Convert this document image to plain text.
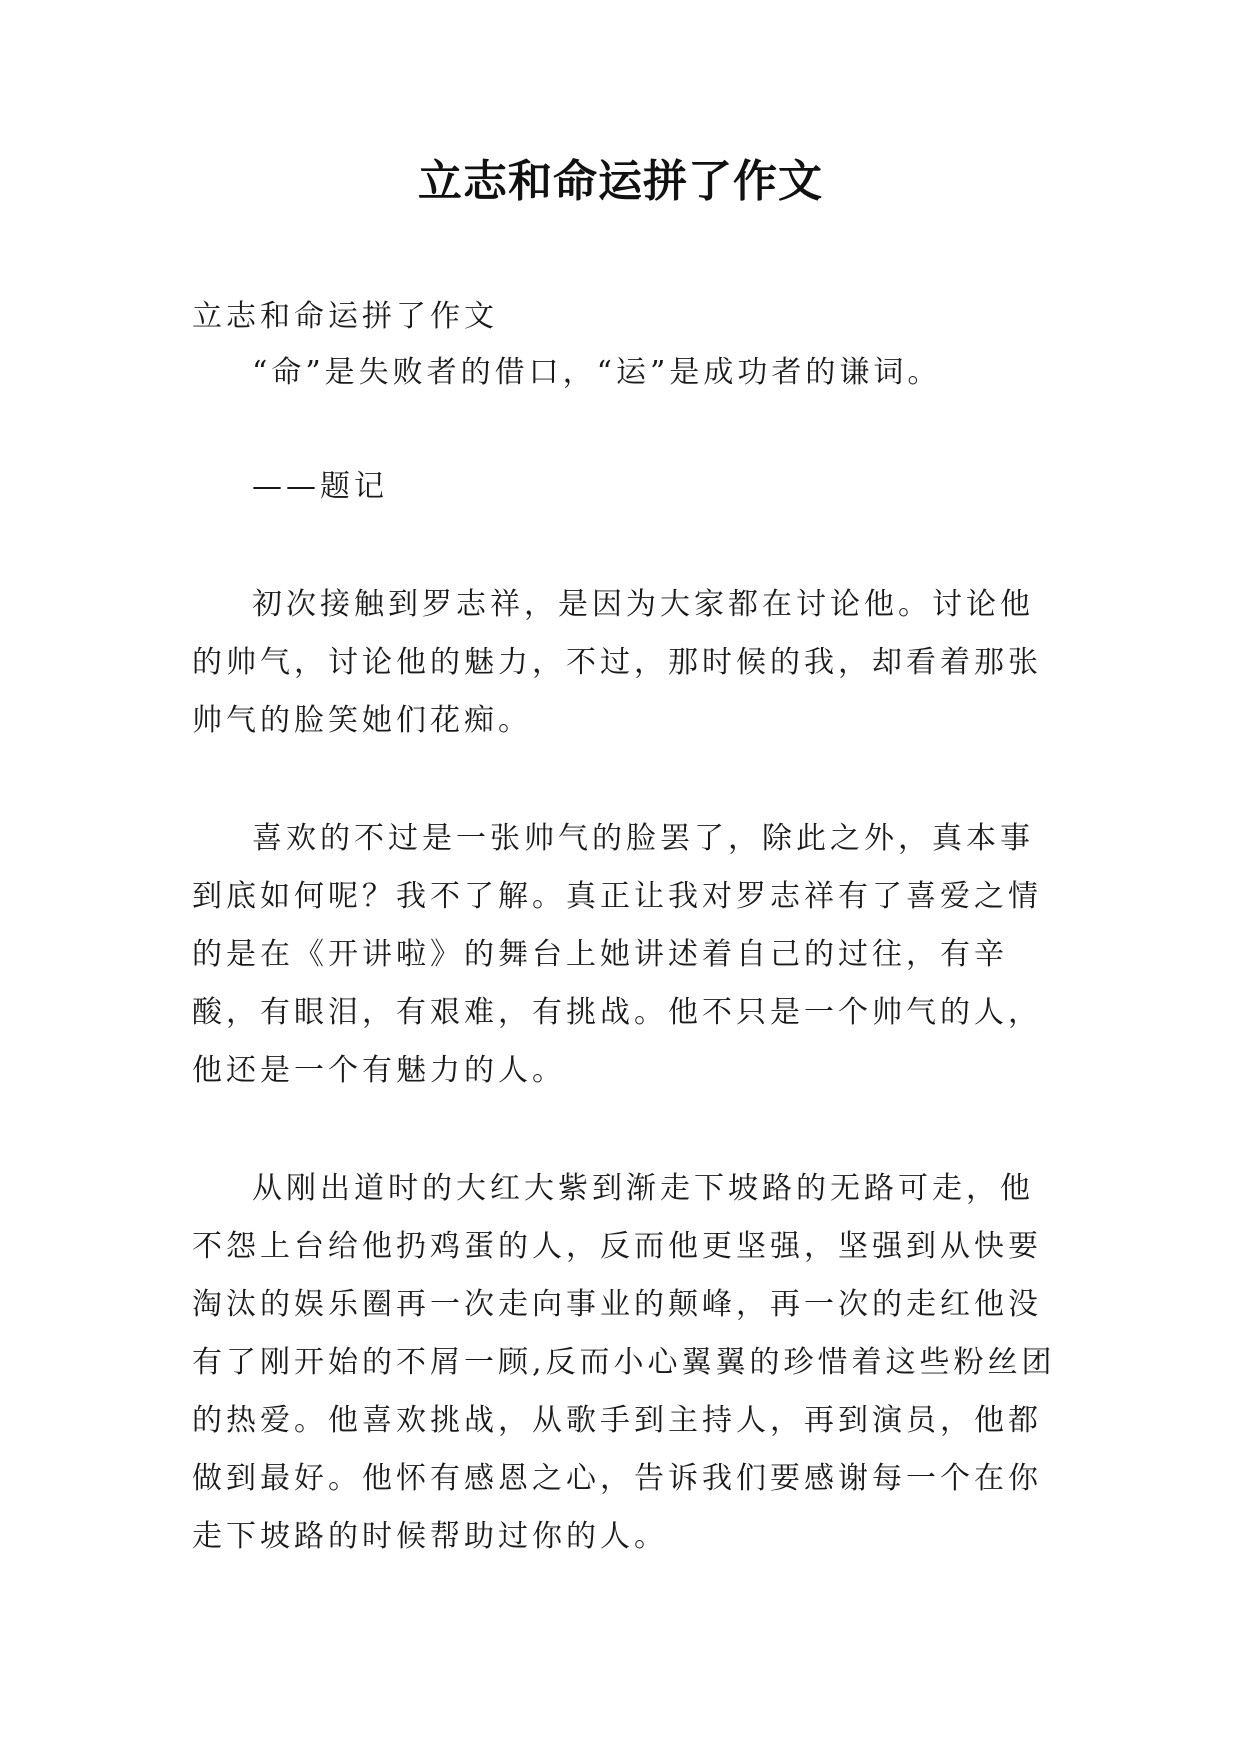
立志和命运拼了作文

立志和命运拼了作文

“命”是失败者的借口，“运”是成功者的谦词。

——题记

初次接触到罗志祥，是因为大家都在讨论他。讨论他的帅气，讨论他的魅力，不过，那时候的我，却看着那张帅气的脸笑她们花痴。

喜欢的不过是一张帅气的脸罢了，除此之外，真本事到底如何呢？我不了解。真正让我对罗志祥有了喜爱之情的是在《开讲啦》的舞台上她讲述着自己的过往，有辛酸，有眼泪，有艰难，有挑战。他不只是一个帅气的人，他还是一个有魅力的人。

从刚出道时的大红大紫到渐走下坡路的无路可走，他不怨上台给他扔鸡蛋的人，反而他更坚强，坚强到从快要淘汰的娱乐圈再一次走向事业的颠峰，再一次的走红他没有了刚开始的不屑一顾,反而小心翼翼的珍惜着这些粉丝团的热爱。他喜欢挑战，从歌手到主持人，再到演员，他都做到最好。他怀有感恩之心，告诉我们要感谢每一个在你走下坡路的时候帮助过你的人。
